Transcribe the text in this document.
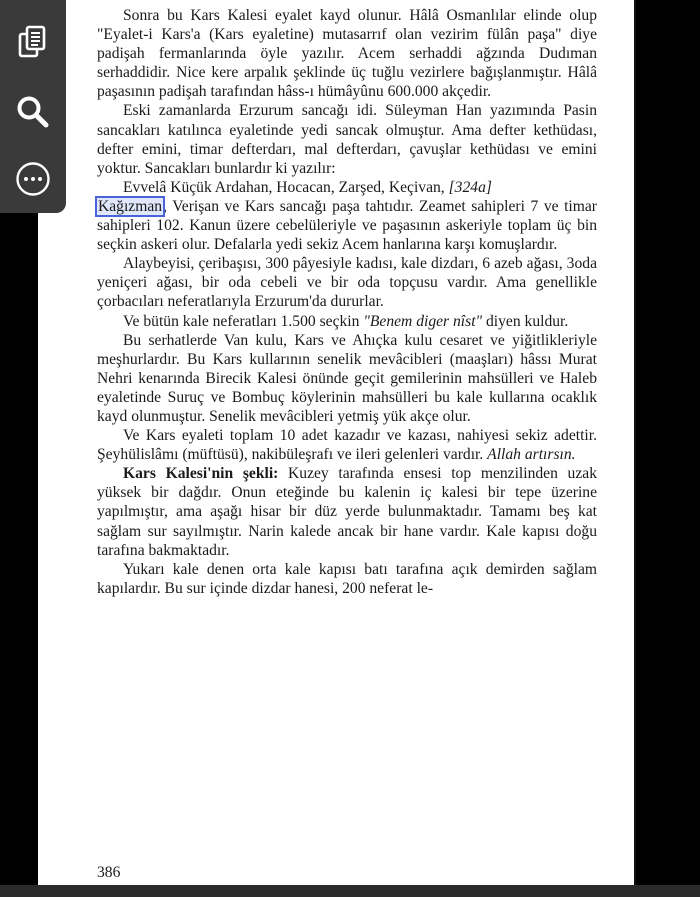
Sonra bu Kars Kalesi eyalet kayd olunur. Hâlâ Osmanlılar elinde olup "Eyalet-i Kars'a (Kars eyaletine) mutasarrıf olan vezirim fülân paşa" diye padişah fermanlarında öyle yazılır. Acem serhaddi ağzında Dudıman serhaddidir. Nice kere arpalık şeklinde üç tuğlu vezirlere bağışlanmıştır. Hâlâ paşasının padişah tarafından hâss-ı hümâyûnu 600.000 akçedir.

Eski zamanlarda Erzurum sancağı idi. Süleyman Han yazımında Pasin sancakları katılınca eyaletinde yedi sancak olmuştur. Ama defter kethüdası, defter emini, timar defterdarı, mal defterdarı, çavuşlar kethüdası ve emini yoktur. Sancakları bunlardır ki yazılır:

Evvelâ Küçük Ardahan, Hocacan, Zarşed, Keçivan, [324a]
Kağızman, Verişan ve Kars sancağı paşa tahtıdır. Zeamet sahipleri 7 ve timar sahipleri 102. Kanun üzere cebelüleriyle ve paşasının askeriyle toplam üç bin seçkin askeri olur. Defalarla yedi sekiz Acem hanlarına karşı komuşlardır.

Alaybeyisi, çeribaşısı, 300 pâyesiyle kadısı, kale dizdarı, 6 azeb ağası, 3oda yeniçeri ağası, bir oda cebeli ve bir oda topçusu vardır. Ama genellikle çorbacıları neferatlarıyla Erzurum'da dururlar.

Ve bütün kale neferatları 1.500 seçkin "Benem diger nîst" diyen kuldur.

Bu serhatlerde Van kulu, Kars ve Ahıçka kulu cesaret ve yiğitlikleriyle meşhurlardır. Bu Kars kullarının senelik mevâcibleri (maaşları) hâssı Murat Nehri kenarında Birecik Kalesi önünde geçit gemilerinin mahsülleri ve Haleb eyaletinde Suruç ve Bombuç köylerinin mahsülleri bu kale kullarına ocaklık kayd olunmuştur. Senelik mevâcibleri yetmiş yük akçe olur.

Ve Kars eyaleti toplam 10 adet kazadır ve kazası, nahiyesi sekiz adettir. Şeyhülislâmı (müftüsü), nakibüleşrafı ve ileri gelenleri vardır. Allah artırsın.

Kars Kalesi'nin şekli: Kuzey tarafında ensesi top menzilinden uzak yüksek bir dağdır. Onun eteğinde bu kalenin iç kalesi bir tepe üzerine yapılmıştır, ama aşağı hisar bir düz yerde bulunmaktadır. Tamamı beş kat sağlam sur sayılmıştır. Narin kalede ancak bir hane vardır. Kale kapısı doğu tarafına bakmaktadır.

Yukarı kale denen orta kale kapısı batı tarafına açık demirden sağlam kapılardır. Bu sur içinde dizdar hanesi, 200 neferat le-

386
